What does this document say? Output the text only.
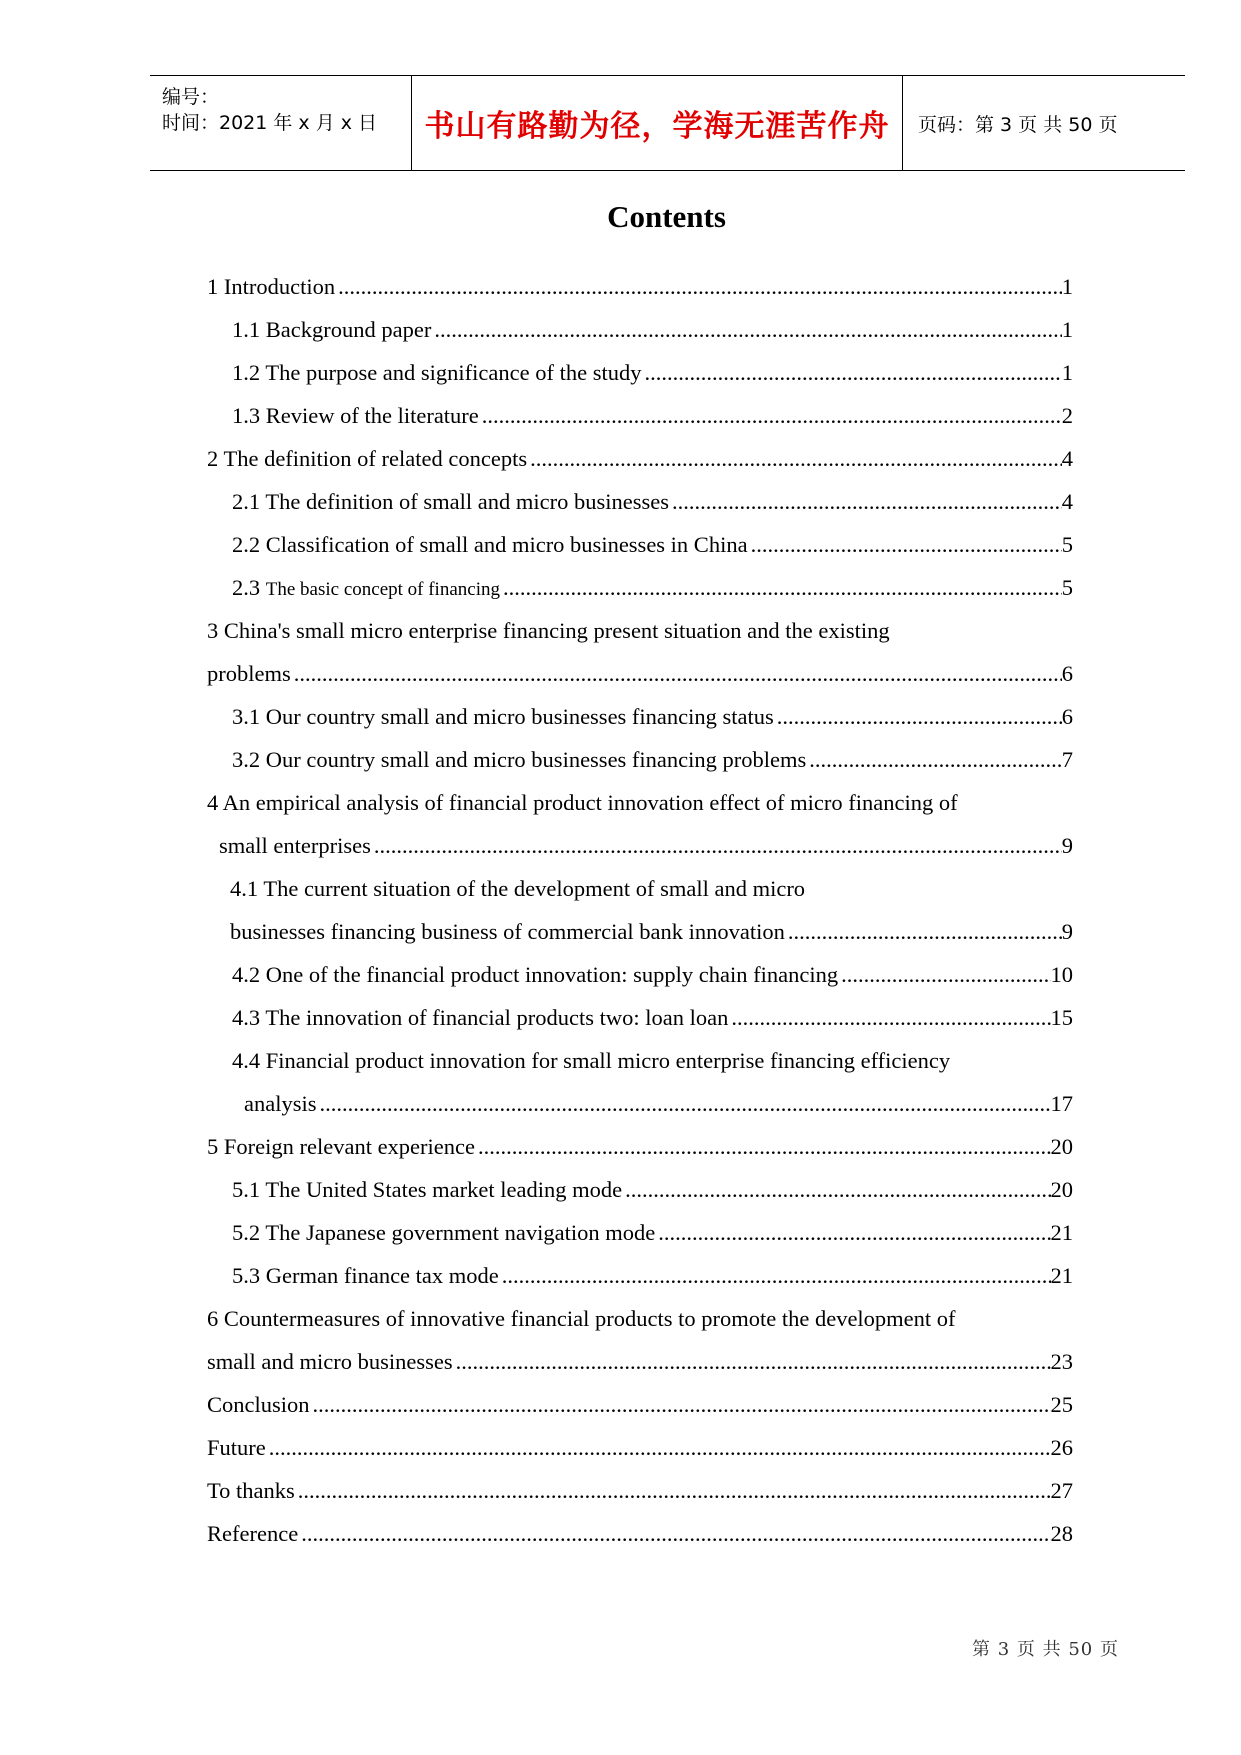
编号：
时间：2021 年 x 月 x 日 书山有路勤为径，学海无涯苦作舟 页码：第 3 页 共 50 页
Contents
1 Introduction .....	1
1.1 Background paper .....	1
1.2 The purpose and significance of the study .....	1
1.3 Review of the literature .....	2
2 The definition of related concepts .....	4
2.1 The definition of small and micro businesses .....	4
2.2 Classification of small and micro businesses in China .....	5
2.3 The basic concept of financing .....	5
3 China's small micro enterprise financing present situation and the existing
problems .....	6
3.1 Our country small and micro businesses financing status .....	6
3.2 Our country small and micro businesses financing problems .....	7
4 An empirical analysis of financial product innovation effect of micro financing of
small enterprises .....	9
4.1 The current situation of the development of small and micro
businesses financing business of commercial bank innovation .....	9
4.2 One of the financial product innovation: supply chain financing .....	10
4.3 The innovation of financial products two: loan loan .....	15
4.4 Financial product innovation for small micro enterprise financing efficiency
analysis .....	17
5 Foreign relevant experience .....	20
5.1 The United States market leading mode .....	20
5.2 The Japanese government navigation mode .....	21
5.3 German finance tax mode .....	21
6 Countermeasures of innovative financial products to promote the development of
small and micro businesses .....	23
Conclusion .....	25
Future .....	26
To thanks .....	27
Reference .....	28
第 3 页 共 50 页
